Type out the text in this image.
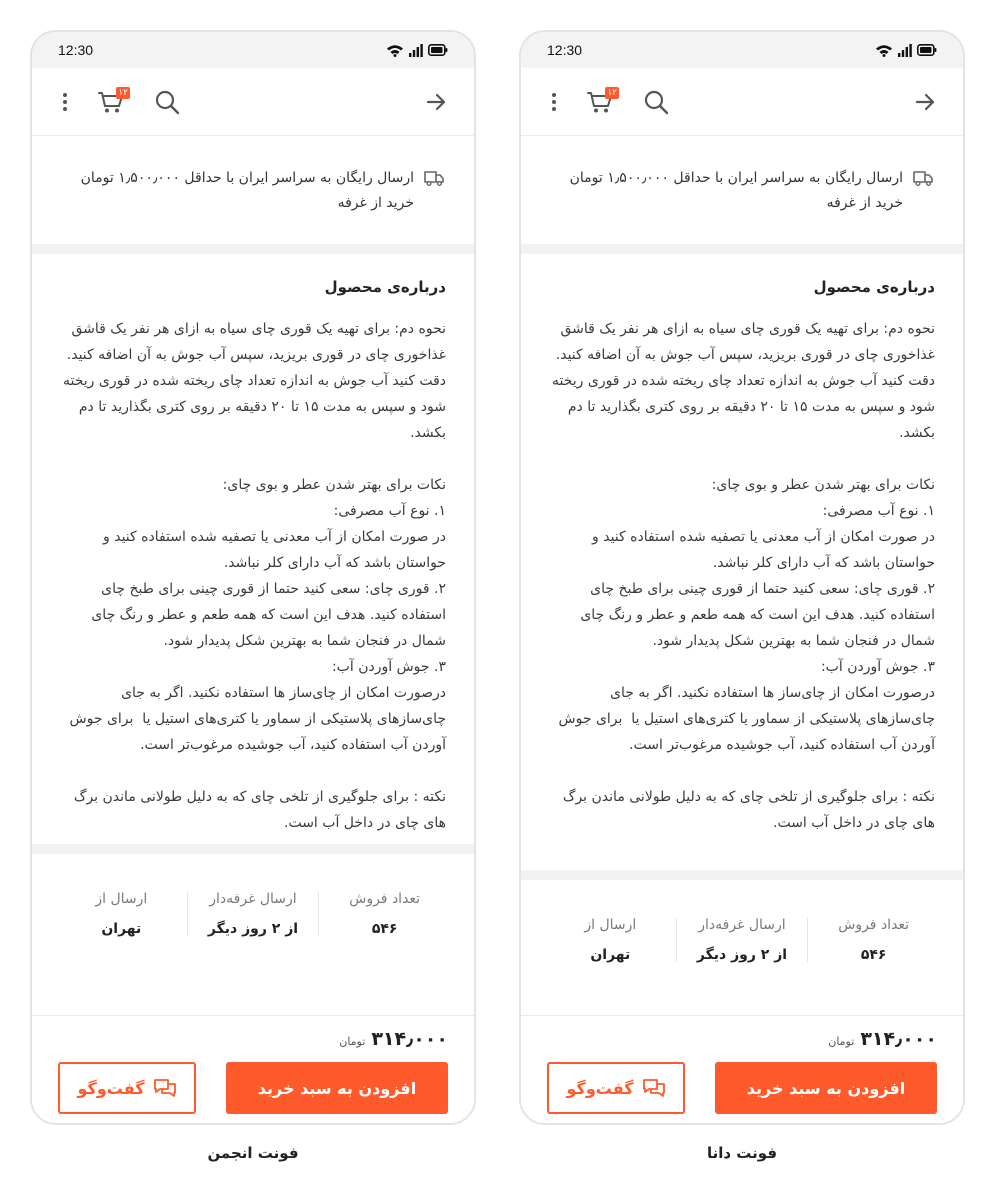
12:30
۱۲
ارسال رایگان به سراسر ایران با حداقل ۱٫۵۰۰٫۰۰۰ تومان خرید از غرفه
درباره‌ی محصول
نحوه دم: برای تهیه یک قوری چای سیاه به ازای هر نفر یک قاشق غذاخوری چای در قوری بریزید، سپس آب جوش به آن اضافه کنید. دقت کنید آب جوش به اندازه تعداد چای ریخته شده در قوری ریخته شود و سپس به مدت ۱۵ تا ۲۰ دقیقه بر روی کتری بگذارید تا دم بکشد.

نکات برای بهتر شدن عطر و بوی چای:
۱. نوع آب مصرفی:
در صورت امکان از آب معدنی یا تصفیه شده استفاده کنید و حواستان باشد که آب دارای کلر نباشد.
۲. قوری چای: سعی کنید حتما از قوری چینی برای طبخ چای استفاده کنید. هدف این است که همه طعم و عطر و رنگ چای شمال در فنجان شما به بهترین شکل پدیدار شود.
۳. جوش آوردن آب:
درصورت امکان از چای‌ساز ها استفاده نکنید. اگر به جای چای‌سازهای پلاستیکی از سماور یا کتری‌های استیل یا  برای جوش آوردن آب استفاده کنید، آب جوشیده مرغوب‌تر است.

نکته : برای جلوگیری از تلخی چای که به دلیل طولانی ماندن برگ های چای در داخل آب است.
تعداد فروش
۵۴۶
ارسال غرفه‌دار
از ۲ روز دیگر
ارسال از
تهران
۳۱۴٫۰۰۰
تومان
افزودن به سبد خرید
گفت‌وگو
12:30
۱۲
ارسال رایگان به سراسر ایران با حداقل ۱٫۵۰۰٫۰۰۰ تومان خرید از غرفه
درباره‌ی محصول
نحوه دم: برای تهیه یک قوری چای سیاه به ازای هر نفر یک قاشق غذاخوری چای در قوری بریزید، سپس آب جوش به آن اضافه کنید. دقت کنید آب جوش به اندازه تعداد چای ریخته شده در قوری ریخته شود و سپس به مدت ۱۵ تا ۲۰ دقیقه بر روی کتری بگذارید تا دم بکشد.

نکات برای بهتر شدن عطر و بوی چای:
۱. نوع آب مصرفی:
در صورت امکان از آب معدنی یا تصفیه شده استفاده کنید و حواستان باشد که آب دارای کلر نباشد.
۲. قوری چای: سعی کنید حتما از قوری چینی برای طبخ چای استفاده کنید. هدف این است که همه طعم و عطر و رنگ چای شمال در فنجان شما به بهترین شکل پدیدار شود.
۳. جوش آوردن آب:
درصورت امکان از چای‌ساز ها استفاده نکنید. اگر به جای چای‌سازهای پلاستیکی از سماور یا کتری‌های استیل یا  برای جوش آوردن آب استفاده کنید، آب جوشیده مرغوب‌تر است.

نکته : برای جلوگیری از تلخی چای که به دلیل طولانی ماندن برگ های چای در داخل آب است.
تعداد فروش
۵۴۶
ارسال غرفه‌دار
از ۲ روز دیگر
ارسال از
تهران
۳۱۴٫۰۰۰
تومان
افزودن به سبد خرید
گفت‌وگو
فونت انجمن	فونت دانا
